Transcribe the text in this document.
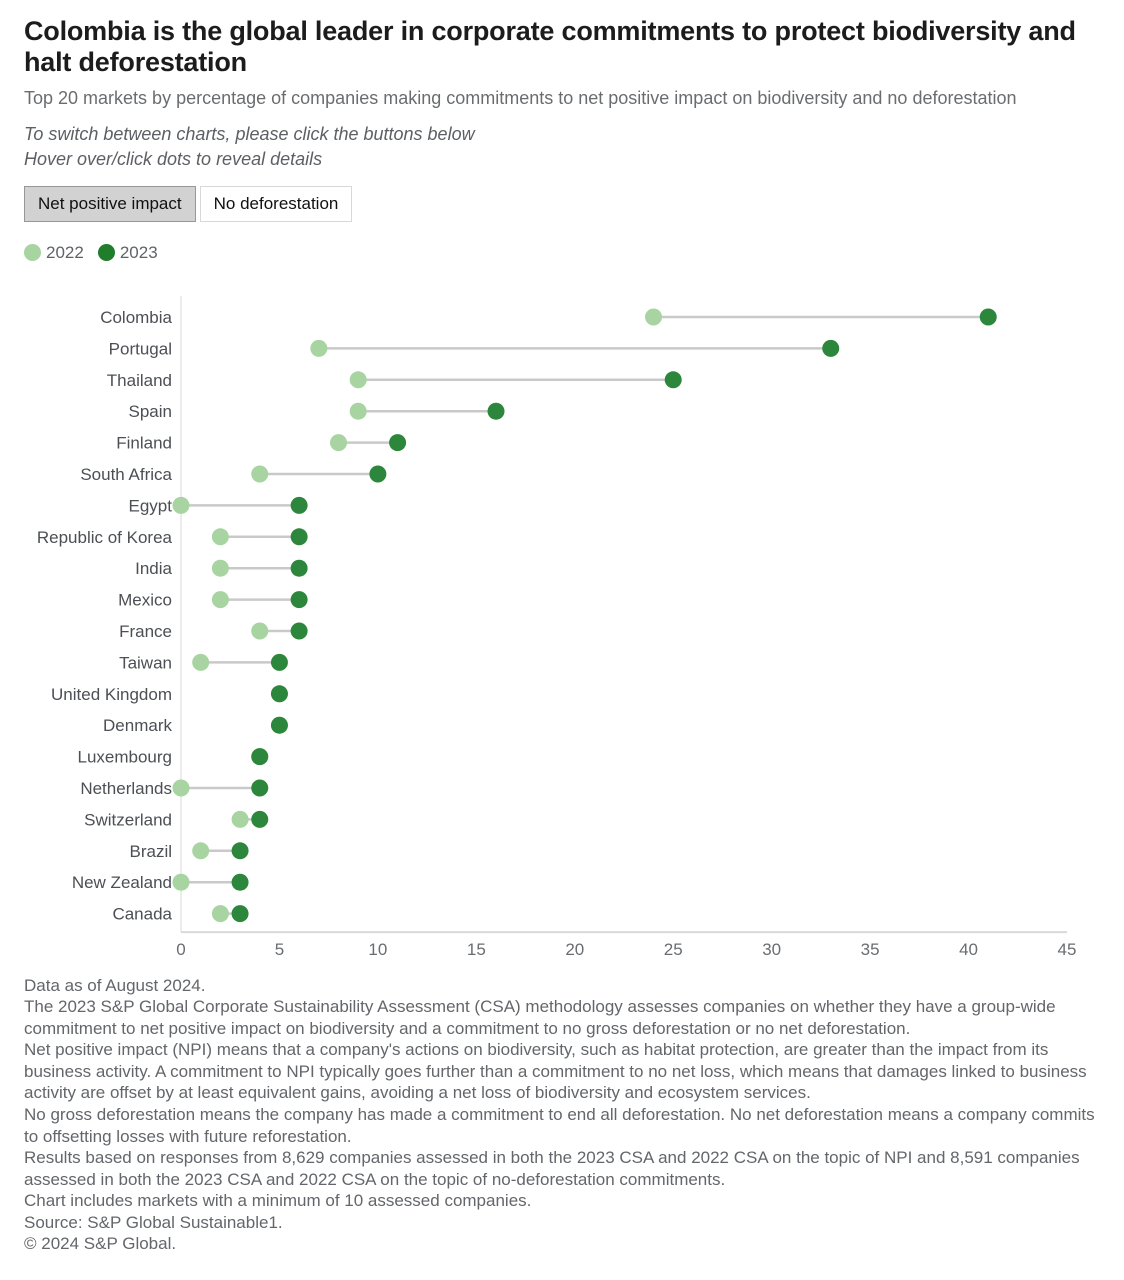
Colombia is the global leader in corporate commitments to protect biodiversity and halt deforestation

Top 20 markets by percentage of companies making commitments to net positive impact on biodiversity and no deforestation

To switch between charts, please click the buttons below

Hover over/click dots to reveal details

Net positive impact	No deforestation
2022 2023
0	5	10	15	20	25	30	35	40	45
Colombia
Portugal
Thailand
Spain
Finland
South Africa
Egypt
Republic of Korea
India
Mexico
France
Taiwan
United Kingdom
Denmark
Luxembourg
Netherlands
Switzerland
Brazil
New Zealand
Canada

Data as of August 2024.

The 2023 S&P Global Corporate Sustainability Assessment (CSA) methodology assesses companies on whether they have a group-wide commitment to net positive impact on biodiversity and a commitment to no gross deforestation or no net deforestation.

Net positive impact (NPI) means that a company's actions on biodiversity, such as habitat protection, are greater than the impact from its business activity. A commitment to NPI typically goes further than a commitment to no net loss, which means that damages linked to business activity are offset by at least equivalent gains, avoiding a net loss of biodiversity and ecosystem services.

No gross deforestation means the company has made a commitment to end all deforestation. No net deforestation means a company commits to offsetting losses with future reforestation.

Results based on responses from 8,629 companies assessed in both the 2023 CSA and 2022 CSA on the topic of NPI and 8,591 companies assessed in both the 2023 CSA and 2022 CSA on the topic of no-deforestation commitments.

Chart includes markets with a minimum of 10 assessed companies.

Source: S&P Global Sustainable1.

© 2024 S&P Global.
